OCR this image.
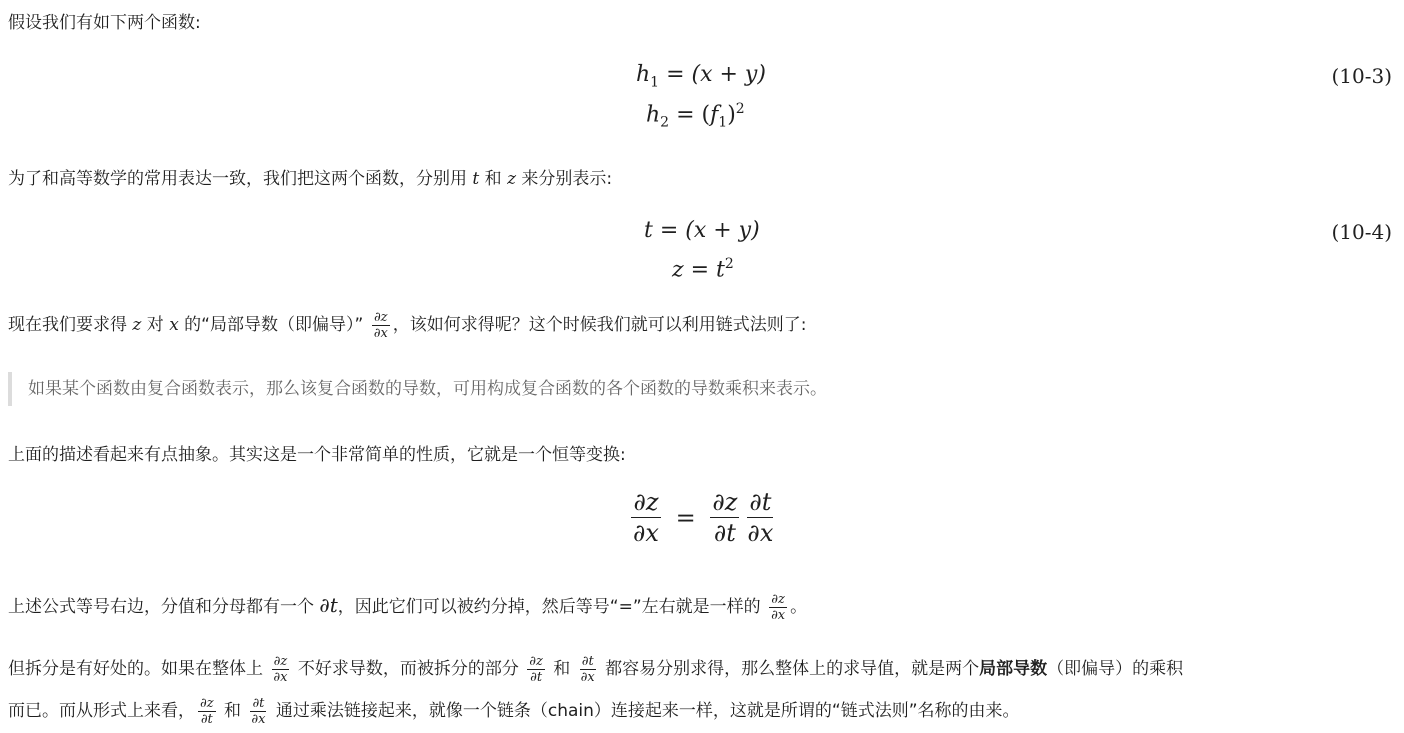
假设我们有如下两个函数:
$h_1 = (x + y)$
$h_2 = (f_1)^2$
(10-3)
为了和高等数学的常用表达一致，我们把这两个函数，分别用 t 和 z 来分别表示:
t = (x + y)
$z = t^2$
(10-4)
现在我们要求得 z 对 x 的“局部导数（即偏导）” $\frac{\partial z}{\partial x}$ ，该如何求得呢？这个时候我们就可以利用链式法则了:
如果某个函数由复合函数表示，那么该复合函数的导数，可用构成复合函数的各个函数的导数乘积来表示。
上面的描述看起来有点抽象。其实这是一个非常简单的性质，它就是一个恒等变换:
$\frac{\partial z}{\partial x} = \frac{\partial z}{\partial t} \frac{\partial t}{\partial x}$
上述公式等号右边，分值和分母都有一个 ∂t，因此它们可以被约分掉，然后等号“=”左右就是一样的 $\frac{\partial z}{\partial x}$ 。
但拆分是有好处的。如果在整体上 $\frac{\partial z}{\partial x}$ 不好求导数，而被拆分的部分 $\frac{\partial z}{\partial t}$ 和 $\frac{\partial t}{\partial x}$ 都容易分别求得，那么整体上的求导值，就是两个局部导数（即偏导）的乘积
而已。而从形式上来看， $\frac{\partial z}{\partial t}$ 和 $\frac{\partial t}{\partial x}$ 通过乘法链接起来，就像一个链条（chain）连接起来一样，这就是所谓的“链式法则”名称的由来。
